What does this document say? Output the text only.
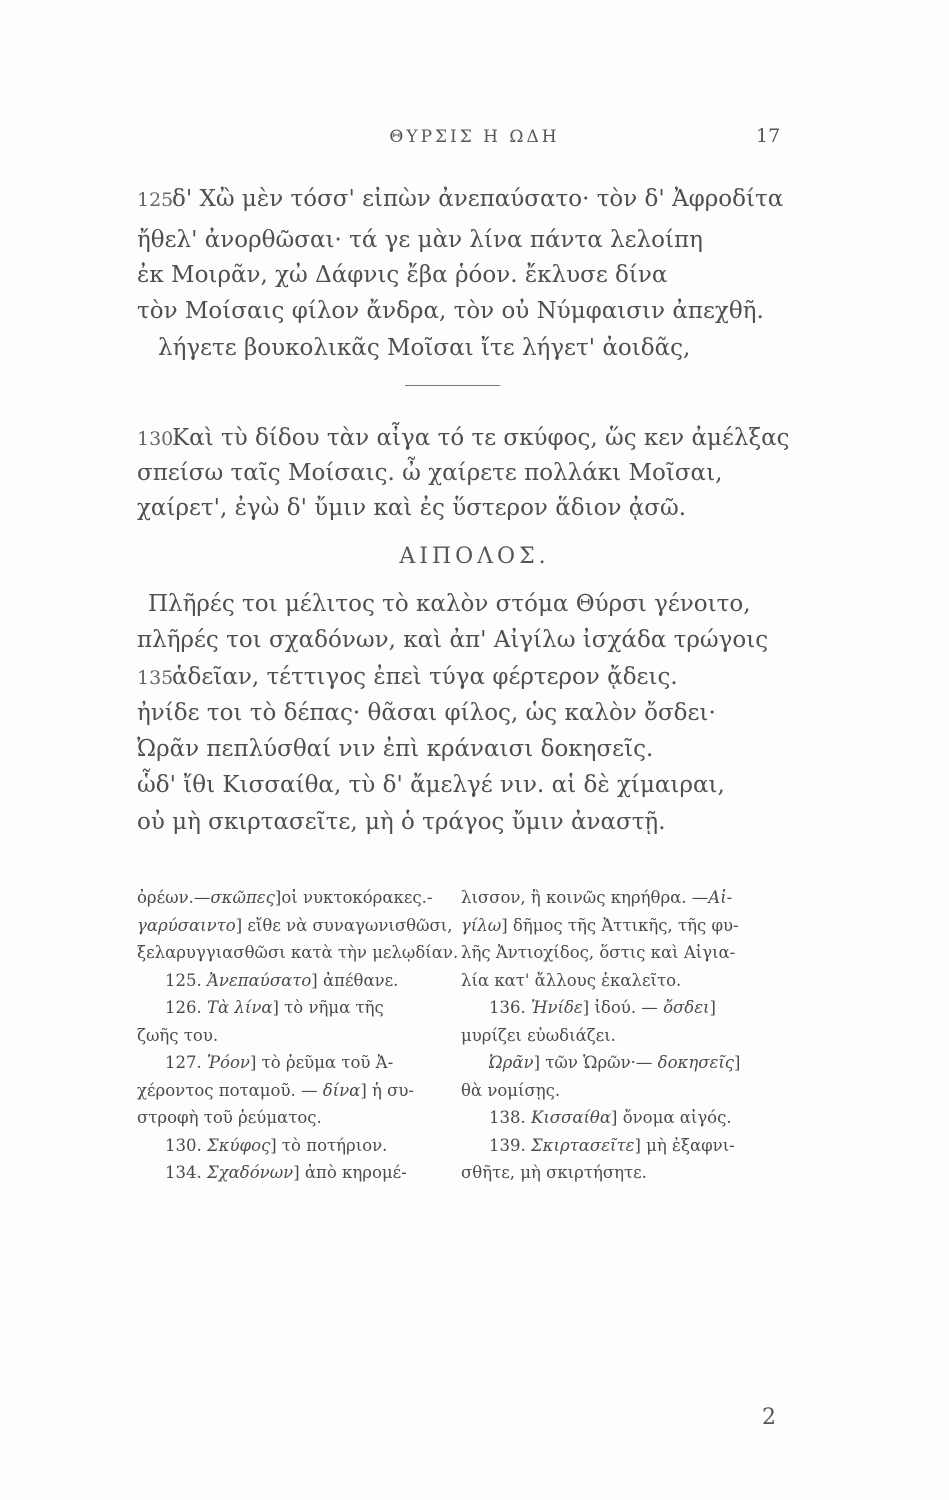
ΘΥΡΣΙΣ Η ΩΔΗ	17
125
δ' Χὢ μὲν τόσσ' εἰπὼν ἀνεπαύσατο· τὸν δ' Ἀφροδίτα
ἤθελ' ἀνορθῶσαι· τά γε μὰν λίνα πάντα λελοίπη
ἐκ Μοιρᾶν, χὠ Δάφνις ἔβα ῥόον. ἔκλυσε δίνα
τὸν Μοίσαις φίλον ἄνδρα, τὸν οὐ Νύμφαισιν ἀπεχθῆ.
λήγετε βουκολικᾶς Μοῖσαι ἴτε λήγετ' ἀοιδᾶς,
130
Καὶ τὺ δίδου τὰν αἶγα τό τε σκύφος, ὥς κεν ἀμέλξας
σπείσω ταῖς Μοίσαις. ὦ χαίρετε πολλάκι Μοῖσαι,
χαίρετ', ἐγὼ δ' ὔμιν καὶ ἐς ὕστερον ἅδιον ᾀσῶ.
ΑΙΠΟΛΟΣ.
Πλῆρές τοι μέλιτος τὸ καλὸν στόμα Θύρσι γένοιτο,
πλῆρές τοι σχαδόνων, καὶ ἀπ' Αἰγίλω ἰσχάδα τρώγοις
135
ἁδεῖαν, τέττιγος ἐπεὶ τύγα φέρτερον ᾄδεις.
ἠνίδε τοι τὸ δέπας· θᾶσαι φίλος, ὡς καλὸν ὄσδει·
Ὠρᾶν πεπλύσθαί νιν ἐπὶ κράναισι δοκησεῖς.
ὧδ' ἴθι Κισσαίθα, τὺ δ' ἄμελγέ νιν. αἱ δὲ χίμαιραι,
οὐ μὴ σκιρτασεῖτε, μὴ ὁ τράγος ὔμιν ἀναστῇ.
ὀρέων.—σκῶπες]οἱ νυκτοκόρακες.-
γαρύσαιντο] εἴθε νὰ συναγωνισθῶσι,
ξελαρυγγιασθῶσι κατὰ τὴν μελῳδίαν.
125. Ἀνεπαύσατο] ἀπέθανε.
126. Τὰ λίνα] τὸ νῆμα τῆς
ζωῆς του.
127. Ῥόον] τὸ ῥεῦμα τοῦ Ἀ-
χέροντος ποταμοῦ. — δίνα] ἡ συ-
στροφὴ τοῦ ῥεύματος.
130. Σκύφος] τὸ ποτήριον.
134. Σχαδόνων] ἀπὸ κηρομέ-
λισσον, ἢ κοινῶς κηρήθρα. —Αἰ-
γίλω] δῆμος τῆς Ἀττικῆς, τῆς φυ-
λῆς Ἀντιοχίδος, ὅστις καὶ Αἰγια-
λία κατ' ἄλλους ἐκαλεῖτο.
136. Ἠνίδε] ἰδού. — ὄσδει]
μυρίζει εὐωδιάζει.
Ὠρᾶν] τῶν Ὡρῶν·— δοκησεῖς]
θὰ νομίσῃς.
138. Κισσαίθα] ὄνομα αἰγός.
139. Σκιρτασεῖτε] μὴ ἐξαφνι-
σθῆτε, μὴ σκιρτήσητε.
2
